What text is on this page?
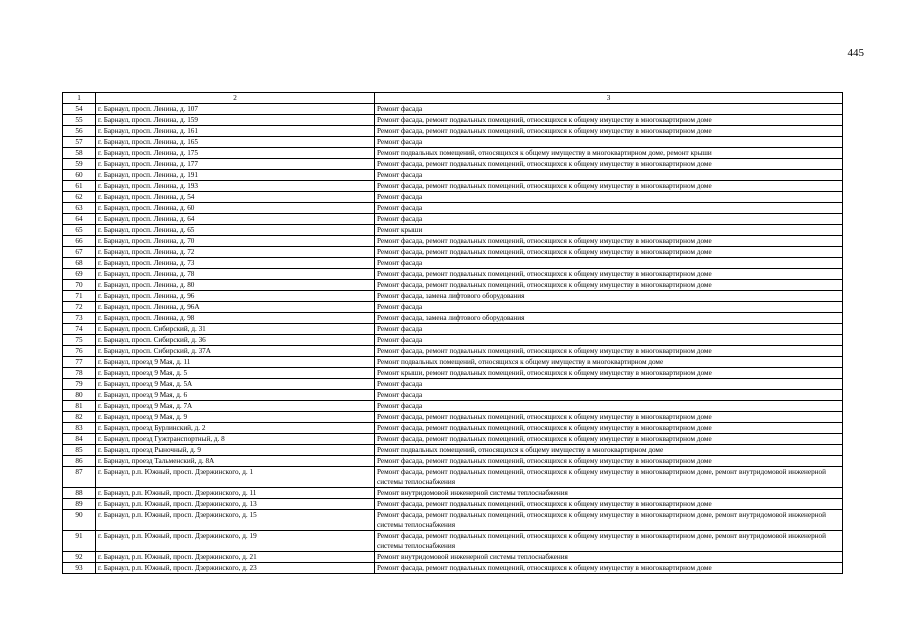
445
1	2	3
54	г. Барнаул, просп. Ленина, д. 107	Ремонт фасада
55	г. Барнаул, просп. Ленина, д. 159	Ремонт фасада, ремонт подвальных помещений, относящихся к общему имуществу в многоквартирном доме
56	г. Барнаул, просп. Ленина, д. 161	Ремонт фасада, ремонт подвальных помещений, относящихся к общему имуществу в многоквартирном доме
57	г. Барнаул, просп. Ленина, д. 165	Ремонт фасада
58	г. Барнаул, просп. Ленина, д. 175	Ремонт подвальных помещений, относящихся к общему имуществу в многоквартирном доме, ремонт крыши
59	г. Барнаул, просп. Ленина, д. 177	Ремонт фасада, ремонт подвальных помещений, относящихся к общему имуществу в многоквартирном доме
60	г. Барнаул, просп. Ленина, д. 191	Ремонт фасада
61	г. Барнаул, просп. Ленина, д. 193	Ремонт фасада, ремонт подвальных помещений, относящихся к общему имуществу в многоквартирном доме
62	г. Барнаул, просп. Ленина, д. 54	Ремонт фасада
63	г. Барнаул, просп. Ленина, д. 60	Ремонт фасада
64	г. Барнаул, просп. Ленина, д. 64	Ремонт фасада
65	г. Барнаул, просп. Ленина, д. 65	Ремонт крыши
66	г. Барнаул, просп. Ленина, д. 70	Ремонт фасада, ремонт подвальных помещений, относящихся к общему имуществу в многоквартирном доме
67	г. Барнаул, просп. Ленина, д. 72	Ремонт фасада, ремонт подвальных помещений, относящихся к общему имуществу в многоквартирном доме
68	г. Барнаул, просп. Ленина, д. 73	Ремонт фасада
69	г. Барнаул, просп. Ленина, д. 78	Ремонт фасада, ремонт подвальных помещений, относящихся к общему имуществу в многоквартирном доме
70	г. Барнаул, просп. Ленина, д. 80	Ремонт фасада, ремонт подвальных помещений, относящихся к общему имуществу в многоквартирном доме
71	г. Барнаул, просп. Ленина, д. 96	Ремонт фасада, замена лифтового оборудования
72	г. Барнаул, просп. Ленина, д. 96А	Ремонт фасада
73	г. Барнаул, просп. Ленина, д. 98	Ремонт фасада, замена лифтового оборудования
74	г. Барнаул, просп. Сибирский, д. 31	Ремонт фасада
75	г. Барнаул, просп. Сибирский, д. 36	Ремонт фасада
76	г. Барнаул, просп. Сибирский, д. 37А	Ремонт фасада, ремонт подвальных помещений, относящихся к общему имуществу в многоквартирном доме
77	г. Барнаул, проезд 9 Мая, д. 11	Ремонт подвальных помещений, относящихся к общему имуществу в многоквартирном доме
78	г. Барнаул, проезд 9 Мая, д. 5	Ремонт крыши, ремонт подвальных помещений, относящихся к общему имуществу в многоквартирном доме
79	г. Барнаул, проезд 9 Мая, д. 5А	Ремонт фасада
80	г. Барнаул, проезд 9 Мая, д. 6	Ремонт фасада
81	г. Барнаул, проезд 9 Мая, д. 7А	Ремонт фасада
82	г. Барнаул, проезд 9 Мая, д. 9	Ремонт фасада, ремонт подвальных помещений, относящихся к общему имуществу в многоквартирном доме
83	г. Барнаул, проезд Бурлинский, д. 2	Ремонт фасада, ремонт подвальных помещений, относящихся к общему имуществу в многоквартирном доме
84	г. Барнаул, проезд Гужтранспортный, д. 8	Ремонт фасада, ремонт подвальных помещений, относящихся к общему имуществу в многоквартирном доме
85	г. Барнаул, проезд Рыночный, д. 9	Ремонт подвальных помещений, относящихся к общему имуществу в многоквартирном доме
86	г. Барнаул, проезд Тальменский, д. 8А	Ремонт фасада, ремонт подвальных помещений, относящихся к общему имуществу в многоквартирном доме
87	г. Барнаул, р.п. Южный, просп. Дзержинского, д. 1	Ремонт фасада, ремонт подвальных помещений, относящихся к общему имуществу в многоквартирном доме, ремонт внутридомовой инженерной системы теплоснабжения
88	г. Барнаул, р.п. Южный, просп. Дзержинского, д. 11	Ремонт внутридомовой инженерной системы теплоснабжения
89	г. Барнаул, р.п. Южный, просп. Дзержинского, д. 13	Ремонт фасада, ремонт подвальных помещений, относящихся к общему имуществу в многоквартирном доме
90	г. Барнаул, р.п. Южный, просп. Дзержинского, д. 15	Ремонт фасада, ремонт подвальных помещений, относящихся к общему имуществу в многоквартирном доме, ремонт внутридомовой инженерной системы теплоснабжения
91	г. Барнаул, р.п. Южный, просп. Дзержинского, д. 19	Ремонт фасада, ремонт подвальных помещений, относящихся к общему имуществу в многоквартирном доме, ремонт внутридомовой инженерной системы теплоснабжения
92	г. Барнаул, р.п. Южный, просп. Дзержинского, д. 21	Ремонт внутридомовой инженерной системы теплоснабжения
93	г. Барнаул, р.п. Южный, просп. Дзержинского, д. 23	Ремонт фасада, ремонт подвальных помещений, относящихся к общему имуществу в многоквартирном доме
